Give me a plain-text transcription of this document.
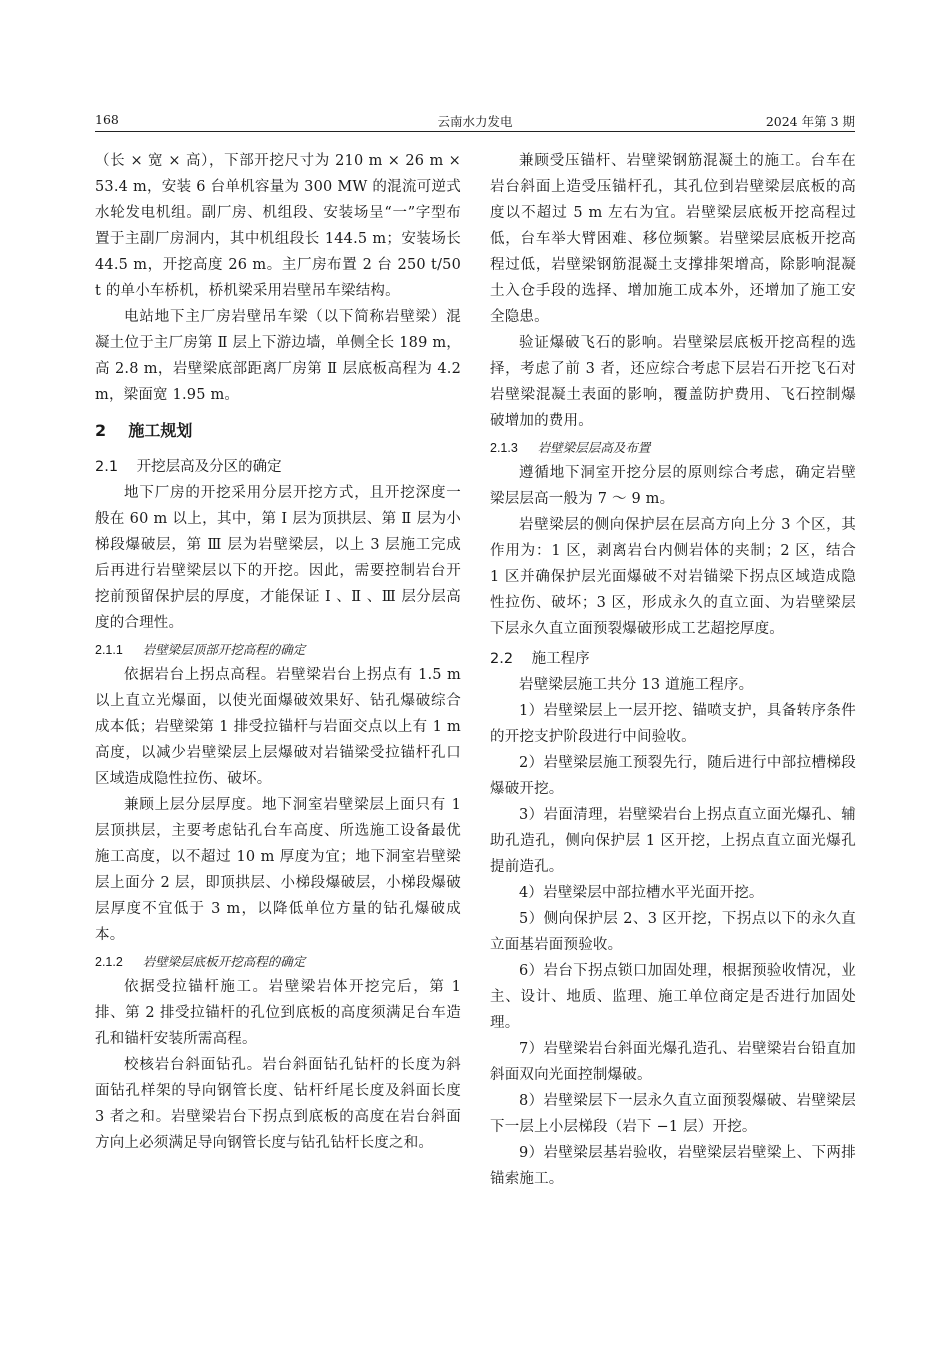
168	云南水力发电	2024 年第 3 期

（长 × 宽 × 高），下部开挖尺寸为 210 m × 26 m × 53.4 m，安装 6 台单机容量为 300 MW 的混流可逆式水轮发电机组。副厂房、机组段、安装场呈“一”字型布置于主副厂房洞内，其中机组段长 144.5 m；安装场长 44.5 m，开挖高度 26 m。主厂房布置 2 台 250 t/50 t 的单小车桥机，桥机梁采用岩壁吊车梁结构。

电站地下主厂房岩壁吊车梁（以下简称岩壁梁）混凝土位于主厂房第 Ⅱ 层上下游边墙，单侧全长 189 m，高 2.8 m，岩壁梁底部距离厂房第 Ⅱ 层底板高程为 4.2 m，梁面宽 1.95 m。

2 施工规划
2.1 开挖层高及分区的确定

地下厂房的开挖采用分层开挖方式，且开挖深度一般在 60 m 以上，其中，第 Ⅰ 层为顶拱层、第 Ⅱ 层为小梯段爆破层，第 Ⅲ 层为岩壁梁层，以上 3 层施工完成后再进行岩壁梁层以下的开挖。因此，需要控制岩台开挖前预留保护层的厚度，才能保证 Ⅰ 、Ⅱ 、Ⅲ 层分层高度的合理性。

2.1.1 岩壁梁层顶部开挖高程的确定

依据岩台上拐点高程。岩壁梁岩台上拐点有 1.5 m 以上直立光爆面，以使光面爆破效果好、钻孔爆破综合成本低；岩壁梁第 1 排受拉锚杆与岩面交点以上有 1 m 高度，以减少岩壁梁层上层爆破对岩锚梁受拉锚杆孔口区域造成隐性拉伤、破坏。

兼顾上层分层厚度。地下洞室岩壁梁层上面只有 1 层顶拱层，主要考虑钻孔台车高度、所选施工设备最优施工高度，以不超过 10 m 厚度为宜；地下洞室岩壁梁层上面分 2 层，即顶拱层、小梯段爆破层，小梯段爆破层厚度不宜低于 3 m，以降低单位方量的钻孔爆破成本。

2.1.2 岩壁梁层底板开挖高程的确定

依据受拉锚杆施工。岩壁梁岩体开挖完后，第 1 排、第 2 排受拉锚杆的孔位到底板的高度须满足台车造孔和锚杆安装所需高程。

校核岩台斜面钻孔。岩台斜面钻孔钻杆的长度为斜面钻孔样架的导向钢管长度、钻杆纤尾长度及斜面长度 3 者之和。岩壁梁岩台下拐点到底板的高度在岩台斜面方向上必须满足导向钢管长度与钻孔钻杆长度之和。

兼顾受压锚杆、岩壁梁钢筋混凝土的施工。台车在岩台斜面上造受压锚杆孔，其孔位到岩壁梁层底板的高度以不超过 5 m 左右为宜。岩壁梁层底板开挖高程过低，台车举大臂困难、移位频繁。岩壁梁层底板开挖高程过低，岩壁梁钢筋混凝土支撑排架增高，除影响混凝土入仓手段的选择、增加施工成本外，还增加了施工安全隐患。

验证爆破飞石的影响。岩壁梁层底板开挖高程的选择，考虑了前 3 者，还应综合考虑下层岩石开挖飞石对岩壁梁混凝土表面的影响，覆盖防护费用、飞石控制爆破增加的费用。

2.1.3 岩壁梁层层高及布置

遵循地下洞室开挖分层的原则综合考虑，确定岩壁梁层层高一般为 7 ～ 9 m。

岩壁梁层的侧向保护层在层高方向上分 3 个区，其作用为：1 区，剥离岩台内侧岩体的夹制；2 区，结合 1 区并确保护层光面爆破不对岩锚梁下拐点区域造成隐性拉伤、破坏；3 区，形成永久的直立面、为岩壁梁层下层永久直立面预裂爆破形成工艺超挖厚度。

2.2 施工程序

岩壁梁层施工共分 13 道施工程序。

1）岩壁梁层上一层开挖、锚喷支护，具备转序条件的开挖支护阶段进行中间验收。

2）岩壁梁层施工预裂先行，随后进行中部拉槽梯段爆破开挖。

3）岩面清理，岩壁梁岩台上拐点直立面光爆孔、辅助孔造孔，侧向保护层 1 区开挖，上拐点直立面光爆孔提前造孔。

4）岩壁梁层中部拉槽水平光面开挖。

5）侧向保护层 2、3 区开挖，下拐点以下的永久直立面基岩面预验收。

6）岩台下拐点锁口加固处理，根据预验收情况，业主、设计、地质、监理、施工单位商定是否进行加固处理。

7）岩壁梁岩台斜面光爆孔造孔、岩壁梁岩台铅直加斜面双向光面控制爆破。

8）岩壁梁层下一层永久直立面预裂爆破、岩壁梁层下一层上小层梯段（岩下 −1 层）开挖。

9）岩壁梁层基岩验收，岩壁梁层岩壁梁上、下两排锚索施工。
